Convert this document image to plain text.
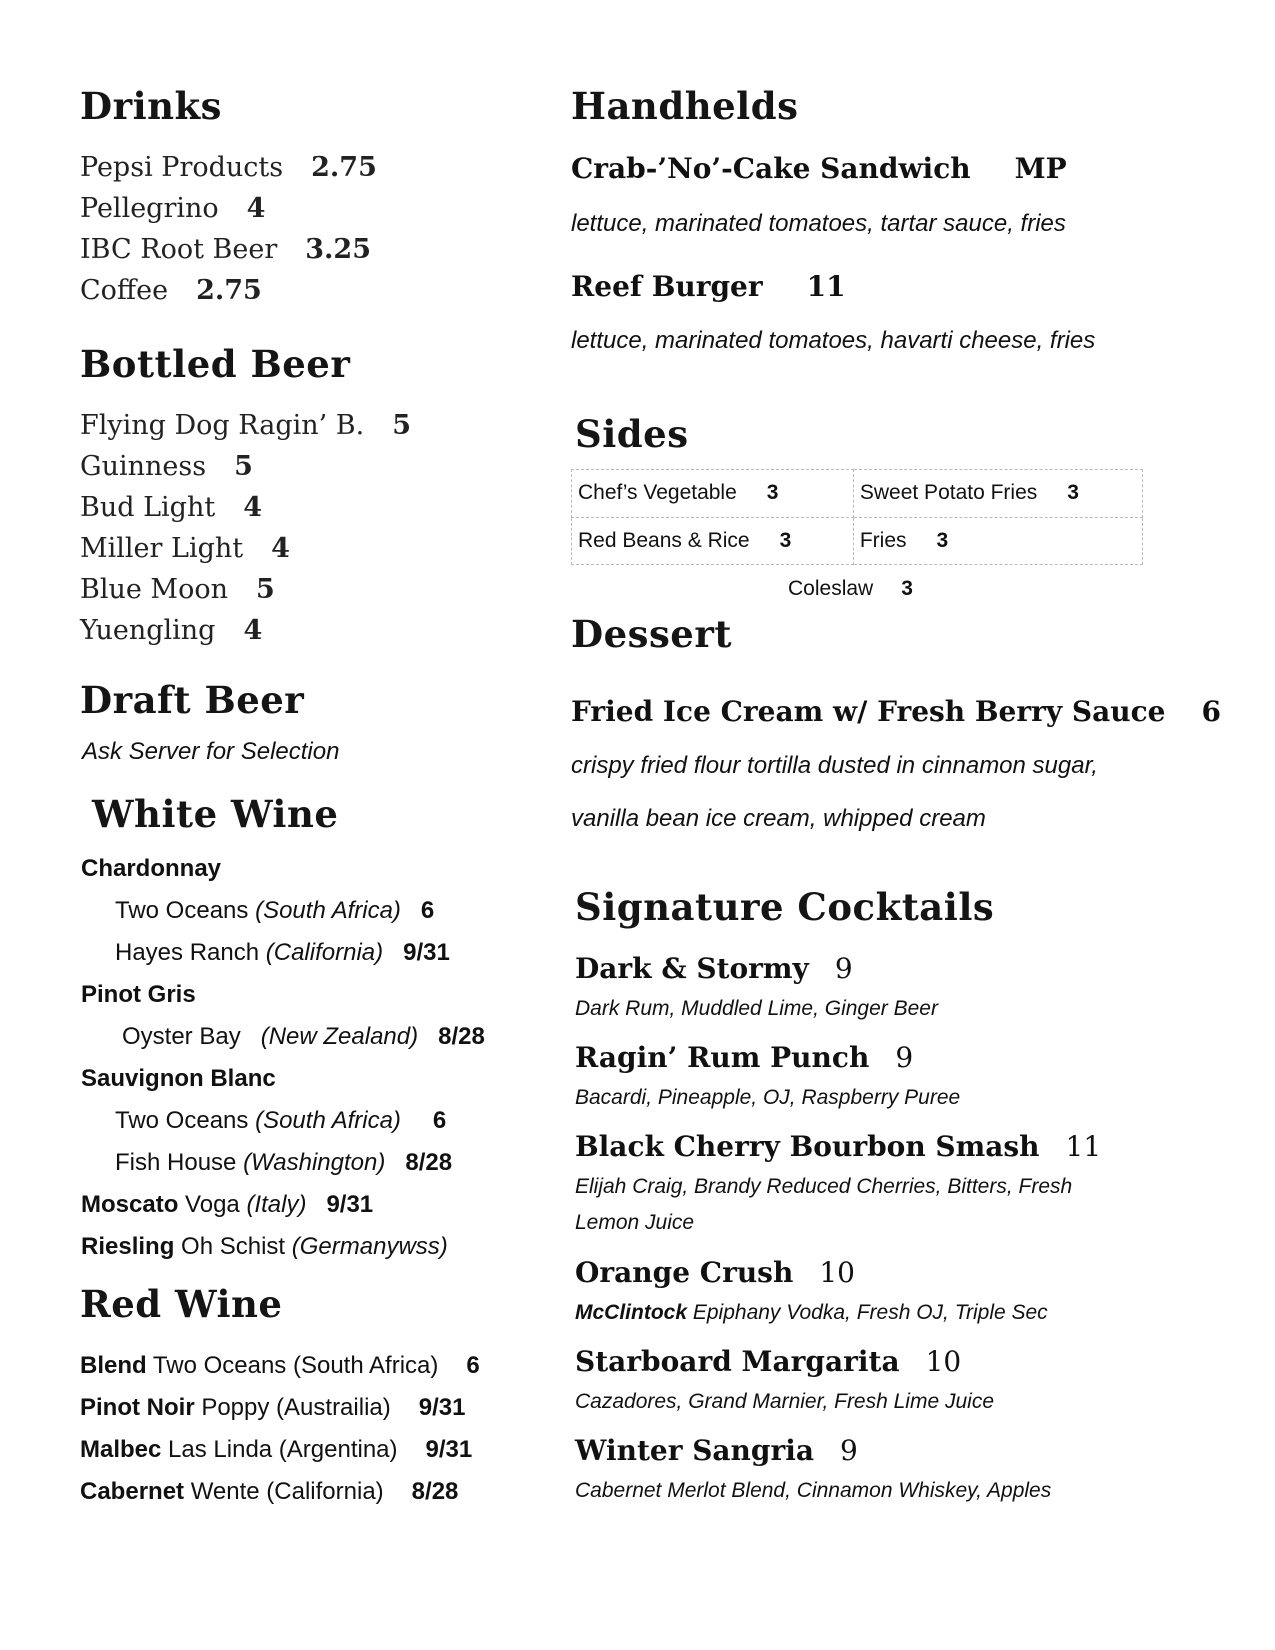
Drinks
Pepsi Products 2.75
Pellegrino 4
IBC Root Beer 3.25
Coffee 2.75
Bottled Beer
Flying Dog Ragin’ B. 5
Guinness 5
Bud Light 4
Miller Light 4
Blue Moon 5
Yuengling 4
Draft Beer
Ask Server for Selection
White Wine
Chardonnay
Two Oceans (South Africa) 6
Hayes Ranch (California) 9/31
Pinot Gris
Oyster Bay (New Zealand) 8/28
Sauvignon Blanc
Two Oceans (South Africa) 6
Fish House (Washington) 8/28
Moscato Voga (Italy) 9/31
Riesling Oh Schist (Germanywss)
Red Wine
Blend Two Oceans (South Africa) 6
Pinot Noir Poppy (Austrailia) 9/31
Malbec Las Linda (Argentina) 9/31
Cabernet Wente (California) 8/28
Handhelds
Crab-’No’-Cake Sandwich MP
lettuce, marinated tomatoes, tartar sauce, fries
Reef Burger 11
lettuce, marinated tomatoes, havarti cheese, fries
Sides
Chef’s Vegetable 3	Sweet Potato Fries 3
Red Beans & Rice 3	Fries 3
Coleslaw 3
Dessert
Fried Ice Cream w/ Fresh Berry Sauce 6
crispy fried flour tortilla dusted in cinnamon sugar,
vanilla bean ice cream, whipped cream
Signature Cocktails
Dark & Stormy 9
Dark Rum, Muddled Lime, Ginger Beer
Ragin’ Rum Punch 9
Bacardi, Pineapple, OJ, Raspberry Puree
Black Cherry Bourbon Smash 11
Elijah Craig, Brandy Reduced Cherries, Bitters, Fresh
Lemon Juice
Orange Crush 10
McClintock Epiphany Vodka, Fresh OJ, Triple Sec
Starboard Margarita 10
Cazadores, Grand Marnier, Fresh Lime Juice
Winter Sangria 9
Cabernet Merlot Blend, Cinnamon Whiskey, Apples
